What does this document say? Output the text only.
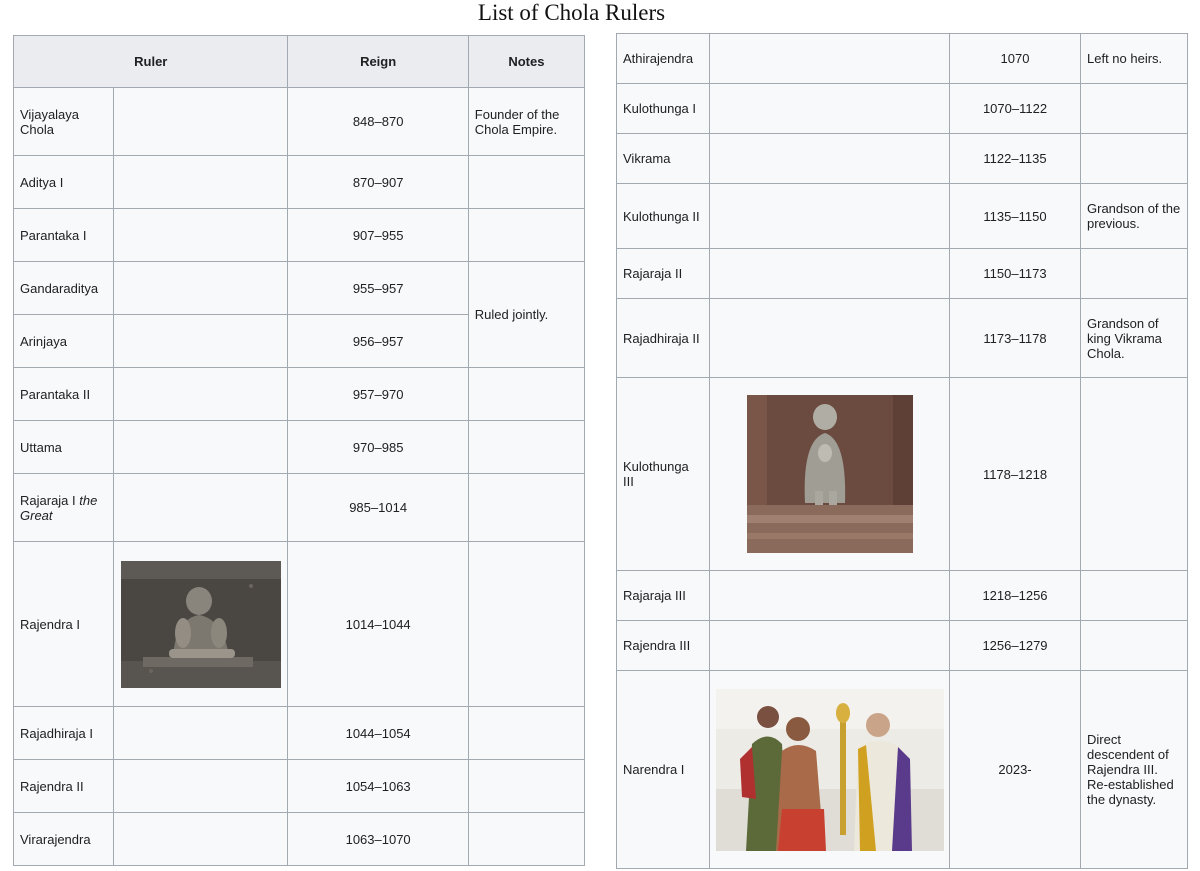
List of Chola Rulers
Ruler		Reign	Notes
Vijayalaya Chola		848–870	Founder of the Chola Empire.
Aditya I		870–907	
Parantaka I		907–955	
Gandaraditya		955–957	Ruled jointly.
Arinjaya		956–957	
Parantaka II		957–970	
Uttama		970–985	
Rajaraja I the Great		985–1014	
Rajendra I		1014–1044	
Rajadhiraja I		1044–1054	
Rajendra II		1054–1063	
Virarajendra		1063–1070	
Athirajendra		1070	Left no heirs.
Kulothunga I		1070–1122	
Vikrama		1122–1135	
Kulothunga II		1135–1150	Grandson of the previous.
Rajaraja II		1150–1173	
Rajadhiraja II		1173–1178	Grandson of king Vikrama Chola.
Kulothunga III		1178–1218	
Rajaraja III		1218–1256	
Rajendra III		1256–1279	
Narendra I		2023-	Direct descendent of Rajendra III. Re-established the dynasty.
